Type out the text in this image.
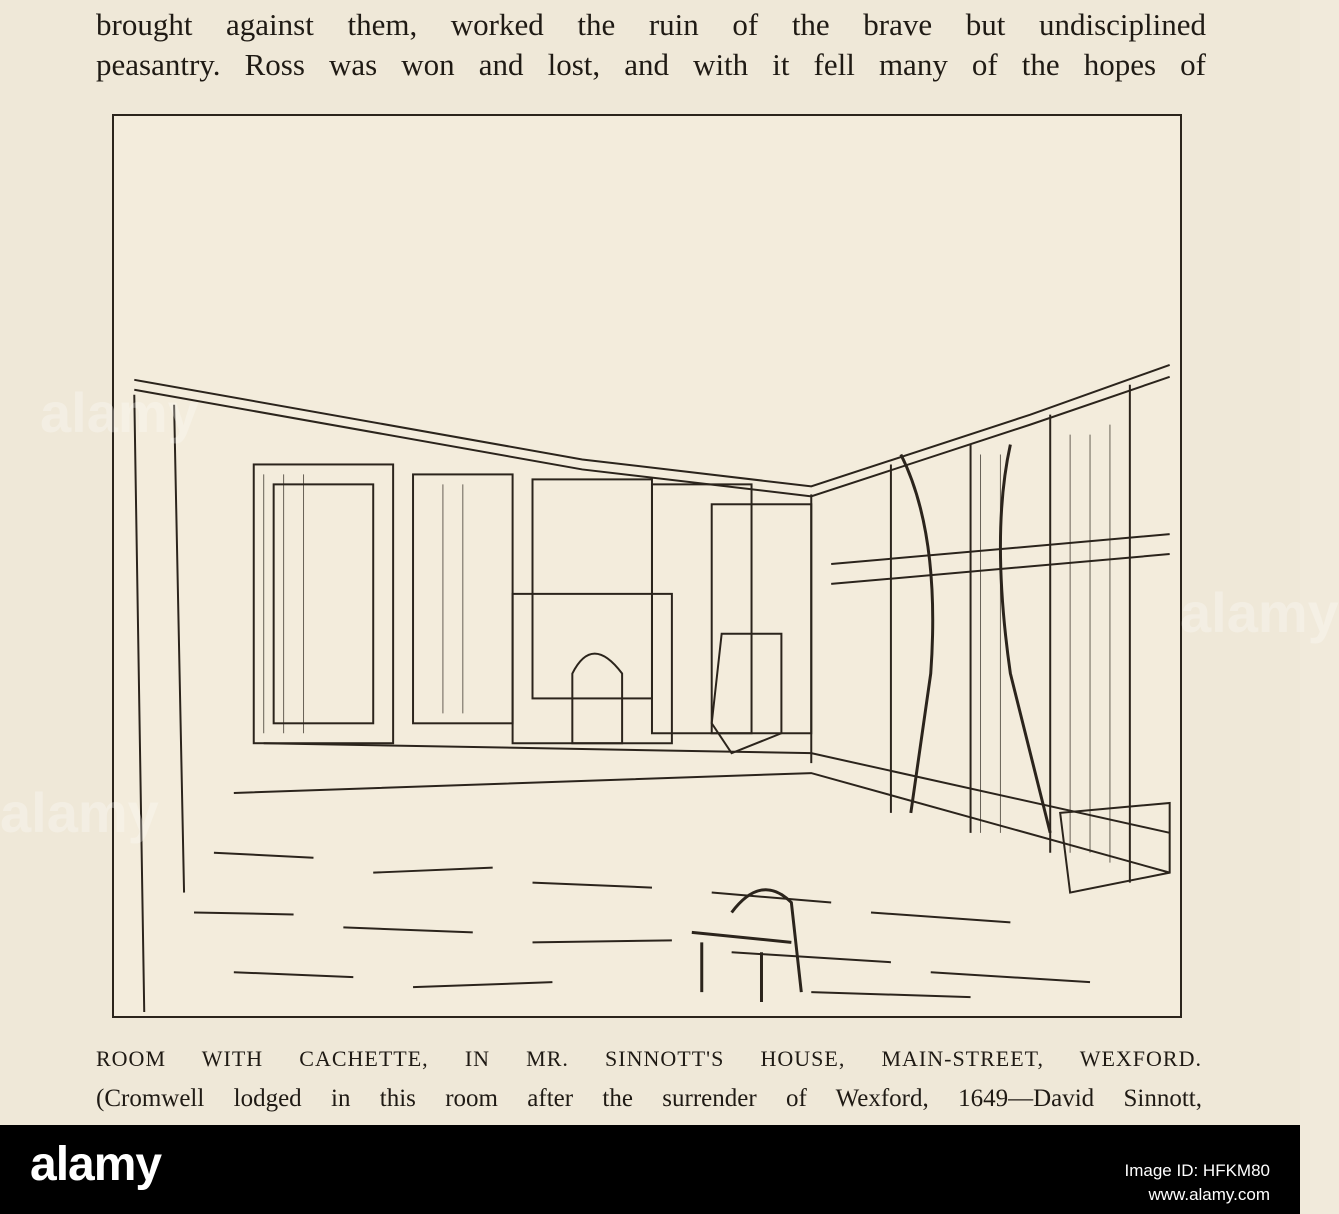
brought against them, worked the ruin of the brave but undisciplined
peasantry. Ross was won and lost, and with it fell many of the hopes of
ROOM WITH CACHETTE, IN MR. SINNOTT'S HOUSE, MAIN-STREET, WEXFORD.
(Cromwell lodged in this room after the surrender of Wexford, 1649—David Sinnott,
alamy
alamy
alamy
alamy	Image ID: HFKM80
www.alamy.com
